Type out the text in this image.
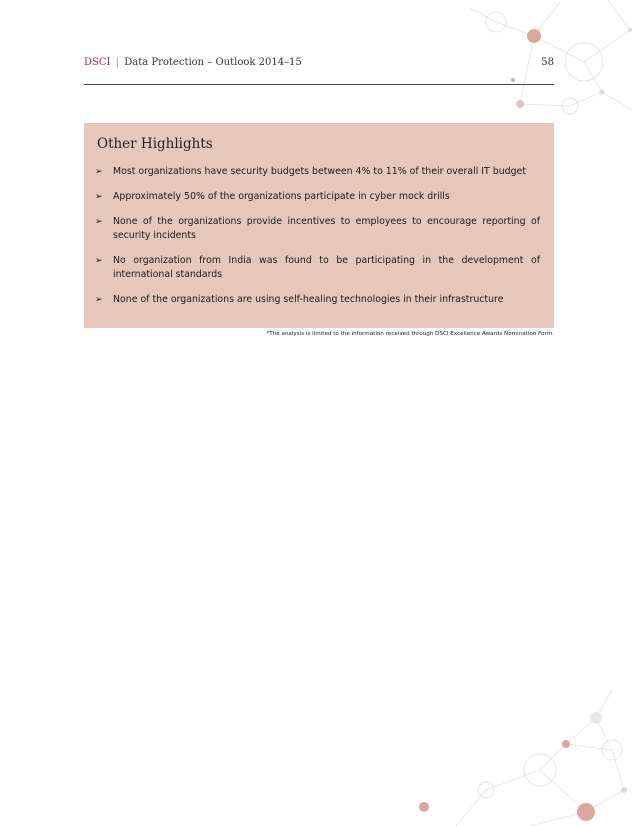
DSCI | Data Protection – Outlook 2014–15	58
Other Highlights
➢ Most organizations have security budgets between 4% to 11% of their overall IT budget
➢ Approximately 50% of the organizations participate in cyber mock drills
➢ None of the organizations provide incentives to employees to encourage reporting of security incidents
➢ No organization from India was found to be participating in the development of international standards
➢ None of the organizations are using self-healing technologies in their infrastructure
*The analysis is limited to the information received through DSCI Excellence Awards Nomination Form.
